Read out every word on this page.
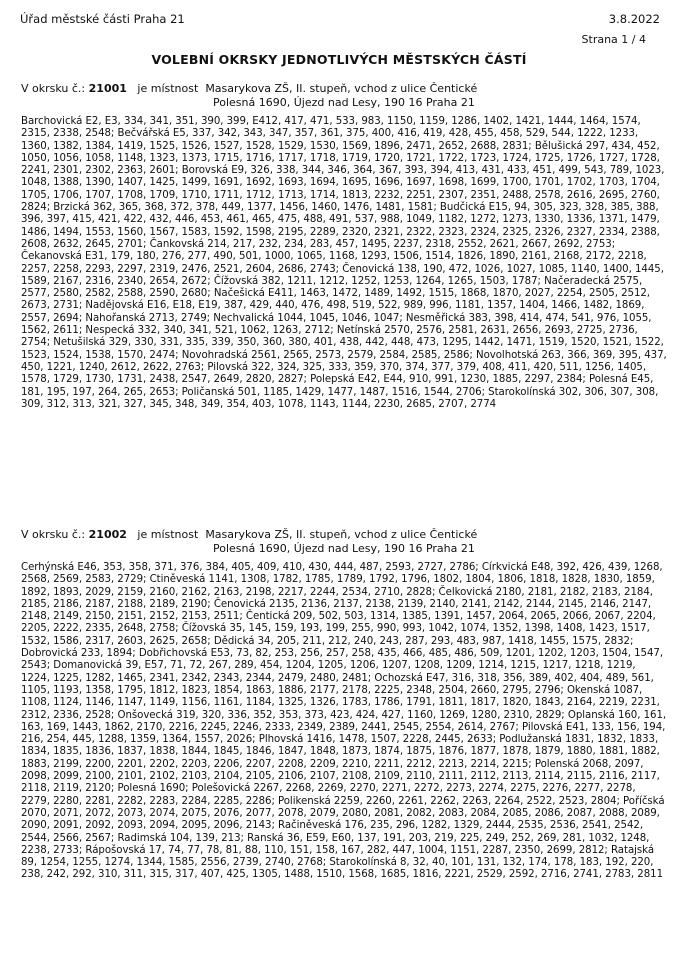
Úřad městské části Praha 21	3.8.2022
Strana 1 / 4
VOLEBNÍ OKRSKY JEDNOTLIVÝCH MĚSTSKÝCH ČÁSTÍ
V okrsku č.: 21001 je místnost Masarykova ZŠ, II. stupeň, vchod z ulice Čentické
Polesná 1690, Újezd nad Lesy, 190 16 Praha 21
Barchovická E2, E3, 334, 341, 351, 390, 399, E412, 417, 471, 533, 983, 1150, 1159, 1286, 1402, 1421, 1444, 1464, 1574, 2315, 2338, 2548; Bečvářská E5, 337, 342, 343, 347, 357, 361, 375, 400, 416, 419, 428, 455, 458, 529, 544, 1222, 1233, 1360, 1382, 1384, 1419, 1525, 1526, 1527, 1528, 1529, 1530, 1569, 1896, 2471, 2652, 2688, 2831; Bělušická 297, 434, 452, 1050, 1056, 1058, 1148, 1323, 1373, 1715, 1716, 1717, 1718, 1719, 1720, 1721, 1722, 1723, 1724, 1725, 1726, 1727, 1728, 2241, 2301, 2302, 2363, 2601; Borovská E9, 326, 338, 344, 346, 364, 367, 393, 394, 413, 431, 433, 451, 499, 543, 789, 1023, 1048, 1388, 1390, 1407, 1425, 1499, 1691, 1692, 1693, 1694, 1695, 1696, 1697, 1698, 1699, 1700, 1701, 1702, 1703, 1704, 1705, 1706, 1707, 1708, 1709, 1710, 1711, 1712, 1713, 1714, 1813, 2232, 2251, 2307, 2351, 2488, 2578, 2616, 2695, 2760, 2824; Brzická 362, 365, 368, 372, 378, 449, 1377, 1456, 1460, 1476, 1481, 1581; Budčická E15, 94, 305, 323, 328, 385, 388, 396, 397, 415, 421, 422, 432, 446, 453, 461, 465, 475, 488, 491, 537, 988, 1049, 1182, 1272, 1273, 1330, 1336, 1371, 1479, 1486, 1494, 1553, 1560, 1567, 1583, 1592, 1598, 2195, 2289, 2320, 2321, 2322, 2323, 2324, 2325, 2326, 2327, 2334, 2388, 2608, 2632, 2645, 2701; Čankovská 214, 217, 232, 234, 283, 457, 1495, 2237, 2318, 2552, 2621, 2667, 2692, 2753; Čekanovská E31, 179, 180, 276, 277, 490, 501, 1000, 1065, 1168, 1293, 1506, 1514, 1826, 1890, 2161, 2168, 2172, 2218, 2257, 2258, 2293, 2297, 2319, 2476, 2521, 2604, 2686, 2743; Čenovická 138, 190, 472, 1026, 1027, 1085, 1140, 1400, 1445, 1589, 2167, 2316, 2340, 2654, 2672; Čížovská 382, 1211, 1212, 1252, 1253, 1264, 1265, 1503, 1787; Načeradecká 2575, 2577, 2580, 2582, 2588, 2590, 2680; Načešická E411, 1463, 1472, 1489, 1492, 1515, 1868, 1870, 2027, 2254, 2505, 2512, 2673, 2731; Nadějovská E16, E18, E19, 387, 429, 440, 476, 498, 519, 522, 989, 996, 1181, 1357, 1404, 1466, 1482, 1869, 2557, 2694; Nahořanská 2713, 2749; Nechvalická 1044, 1045, 1046, 1047; Nesměřická 383, 398, 414, 474, 541, 976, 1055, 1562, 2611; Nespecká 332, 340, 341, 521, 1062, 1263, 2712; Netínská 2570, 2576, 2581, 2631, 2656, 2693, 2725, 2736, 2754; Netušilská 329, 330, 331, 335, 339, 350, 360, 380, 401, 438, 442, 448, 473, 1295, 1442, 1471, 1519, 1520, 1521, 1522, 1523, 1524, 1538, 1570, 2474; Novohradská 2561, 2565, 2573, 2579, 2584, 2585, 2586; Novolhotská 263, 366, 369, 395, 437, 450, 1221, 1240, 2612, 2622, 2763; Pilovská 322, 324, 325, 333, 359, 370, 374, 377, 379, 408, 411, 420, 511, 1256, 1405, 1578, 1729, 1730, 1731, 2438, 2547, 2649, 2820, 2827; Polepská E42, E44, 910, 991, 1230, 1885, 2297, 2384; Polesná E45, 181, 195, 197, 264, 265, 2653; Poličanská 501, 1185, 1429, 1477, 1487, 1516, 1544, 2706; Starokolínská 302, 306, 307, 308, 309, 312, 313, 321, 327, 345, 348, 349, 354, 403, 1078, 1143, 1144, 2230, 2685, 2707, 2774
V okrsku č.: 21002 je místnost Masarykova ZŠ, II. stupeň, vchod z ulice Čentické
Polesná 1690, Újezd nad Lesy, 190 16 Praha 21
Cerhýnská E46, 353, 358, 371, 376, 384, 405, 409, 410, 430, 444, 487, 2593, 2727, 2786; Církvická E48, 392, 426, 439, 1268, 2568, 2569, 2583, 2729; Ctiněveská 1141, 1308, 1782, 1785, 1789, 1792, 1796, 1802, 1804, 1806, 1818, 1828, 1830, 1859, 1892, 1893, 2029, 2159, 2160, 2162, 2163, 2198, 2217, 2244, 2534, 2710, 2828; Čelkovická 2180, 2181, 2182, 2183, 2184, 2185, 2186, 2187, 2188, 2189, 2190; Čenovická 2135, 2136, 2137, 2138, 2139, 2140, 2141, 2142, 2144, 2145, 2146, 2147, 2148, 2149, 2150, 2151, 2152, 2153, 2511; Čentická 209, 502, 503, 1314, 1385, 1391, 1457, 2064, 2065, 2066, 2067, 2204, 2205, 2222, 2335, 2648, 2758; Čížovská 35, 145, 159, 193, 199, 255, 990, 993, 1042, 1074, 1352, 1398, 1408, 1423, 1517, 1532, 1586, 2317, 2603, 2625, 2658; Dědická 34, 205, 211, 212, 240, 243, 287, 293, 483, 987, 1418, 1455, 1575, 2832; Dobrovická 233, 1894; Dobřichovská E53, 73, 82, 253, 256, 257, 258, 435, 466, 485, 486, 509, 1201, 1202, 1203, 1504, 1547, 2543; Domanovická 39, E57, 71, 72, 267, 289, 454, 1204, 1205, 1206, 1207, 1208, 1209, 1214, 1215, 1217, 1218, 1219, 1224, 1225, 1282, 1465, 2341, 2342, 2343, 2344, 2479, 2480, 2481; Ochozská E47, 316, 318, 356, 389, 402, 404, 489, 561, 1105, 1193, 1358, 1795, 1812, 1823, 1854, 1863, 1886, 2177, 2178, 2225, 2348, 2504, 2660, 2795, 2796; Okenská 1087, 1108, 1124, 1146, 1147, 1149, 1156, 1161, 1184, 1325, 1326, 1783, 1786, 1791, 1811, 1817, 1820, 1843, 2164, 2219, 2231, 2312, 2336, 2528; Onšovecká 319, 320, 336, 352, 353, 373, 423, 424, 427, 1160, 1269, 1280, 2310, 2829; Oplanská 160, 161, 163, 169, 1443, 1862, 2170, 2216, 2245, 2246, 2333, 2349, 2389, 2441, 2545, 2554, 2614, 2767; Pilovská E41, 133, 156, 194, 216, 254, 445, 1288, 1359, 1364, 1557, 2026; Plhovská 1416, 1478, 1507, 2228, 2445, 2633; Podlužanská 1831, 1832, 1833, 1834, 1835, 1836, 1837, 1838, 1844, 1845, 1846, 1847, 1848, 1873, 1874, 1875, 1876, 1877, 1878, 1879, 1880, 1881, 1882, 1883, 2199, 2200, 2201, 2202, 2203, 2206, 2207, 2208, 2209, 2210, 2211, 2212, 2213, 2214, 2215; Polenská 2068, 2097, 2098, 2099, 2100, 2101, 2102, 2103, 2104, 2105, 2106, 2107, 2108, 2109, 2110, 2111, 2112, 2113, 2114, 2115, 2116, 2117, 2118, 2119, 2120; Polesná 1690; Polešovická 2267, 2268, 2269, 2270, 2271, 2272, 2273, 2274, 2275, 2276, 2277, 2278, 2279, 2280, 2281, 2282, 2283, 2284, 2285, 2286; Polikenská 2259, 2260, 2261, 2262, 2263, 2264, 2522, 2523, 2804; Poříčská 2070, 2071, 2072, 2073, 2074, 2075, 2076, 2077, 2078, 2079, 2080, 2081, 2082, 2083, 2084, 2085, 2086, 2087, 2088, 2089, 2090, 2091, 2092, 2093, 2094, 2095, 2096, 2143; Račiněveská 176, 235, 296, 1282, 1329, 2444, 2535, 2536, 2541, 2542, 2544, 2566, 2567; Radimská 104, 139, 213; Ranská 36, E59, E60, 137, 191, 203, 219, 225, 249, 252, 269, 281, 1032, 1248, 2238, 2733; Rápošovská 17, 74, 77, 78, 81, 88, 110, 151, 158, 167, 282, 447, 1004, 1151, 2287, 2350, 2699, 2812; Ratajská 89, 1254, 1255, 1274, 1344, 1585, 2556, 2739, 2740, 2768; Starokolínská 8, 32, 40, 101, 131, 132, 174, 178, 183, 192, 220, 238, 242, 292, 310, 311, 315, 317, 407, 425, 1305, 1488, 1510, 1568, 1685, 1816, 2221, 2529, 2592, 2716, 2741, 2783, 2811
